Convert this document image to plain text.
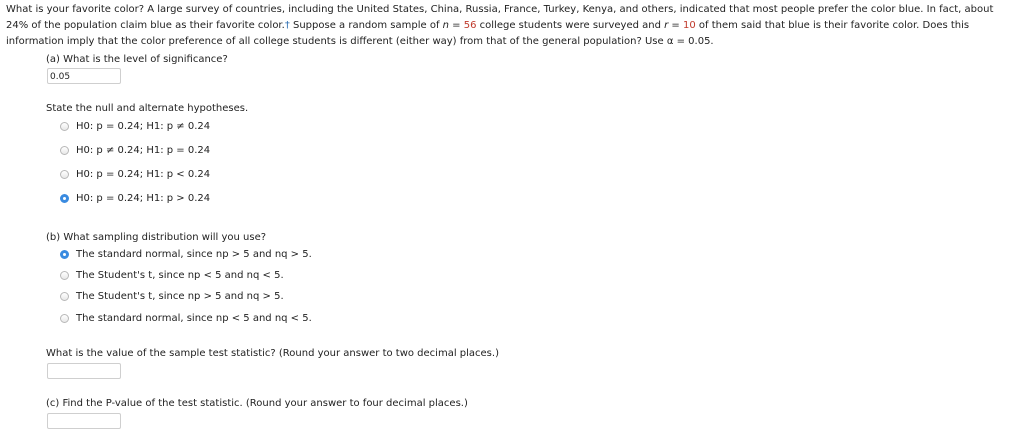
What is your favorite color? A large survey of countries, including the United States, China, Russia, France, Turkey, Kenya, and others, indicated that most people prefer the color blue. In fact, about 24% of the population claim blue as their favorite color.† Suppose a random sample of n = 56 college students were surveyed and r = 10 of them said that blue is their favorite color. Does this information imply that the color preference of all college students is different (either way) from that of the general population? Use α = 0.05.
(a) What is the level of significance?
0.05
State the null and alternate hypotheses.
H0: p = 0.24;
H1: p ≠ 0.24
H0: p ≠ 0.24;
H1: p = 0.24
H0: p = 0.24;
H1: p < 0.24
H0: p = 0.24;
H1: p > 0.24
(b) What sampling distribution will you use?
The standard normal, since np > 5 and nq > 5.
The Student's t, since np < 5 and nq < 5.
The Student's t, since np > 5 and nq > 5.
The standard normal, since np < 5 and nq < 5.
What is the value of the sample test statistic? (Round your answer to two decimal places.)
(c) Find the P-value of the test statistic. (Round your answer to four decimal places.)
